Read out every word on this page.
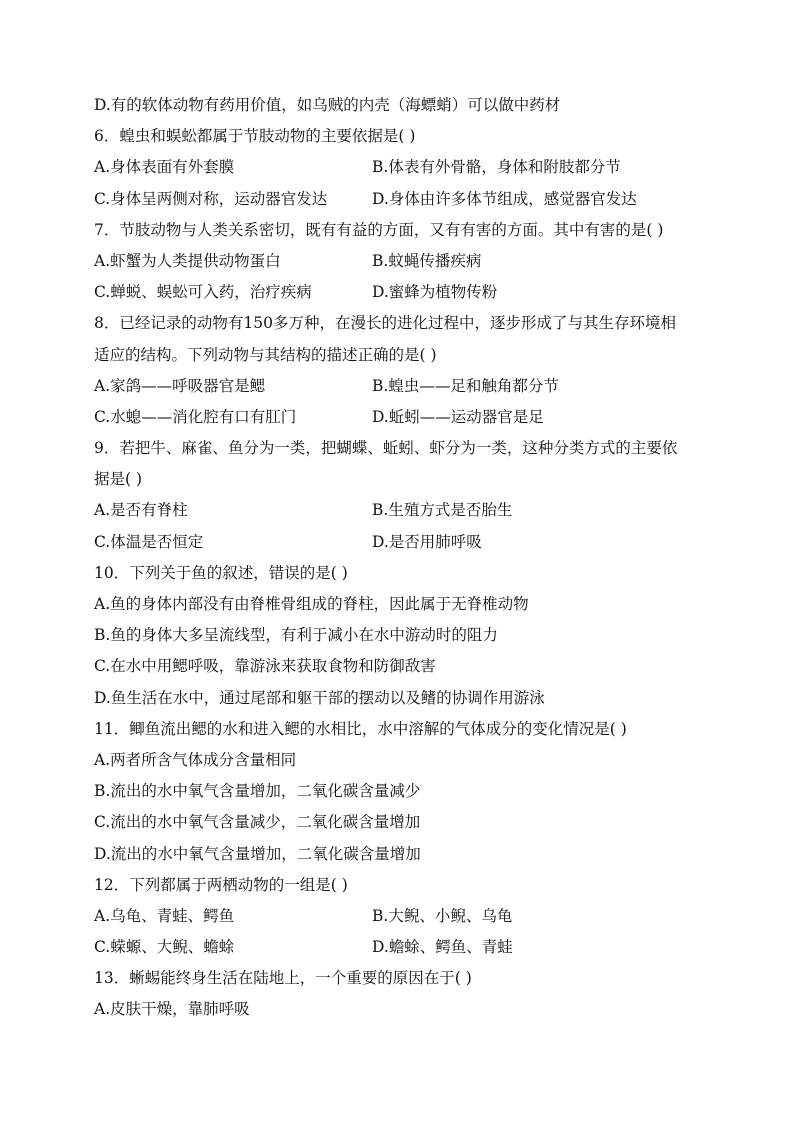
D.有的软体动物有药用价值，如乌贼的内壳（海螵蛸）可以做中药材
6．蝗虫和蜈蚣都属于节肢动物的主要依据是( )
A.身体表面有外套膜	B.体表有外骨骼，身体和附肢都分节
C.身体呈两侧对称，运动器官发达	D.身体由许多体节组成，感觉器官发达
7．节肢动物与人类关系密切，既有有益的方面，又有有害的方面。其中有害的是( )
A.虾蟹为人类提供动物蛋白	B.蚊蝇传播疾病
C.蝉蜕、蜈蚣可入药，治疗疾病	D.蜜蜂为植物传粉
8．已经记录的动物有150多万种，在漫长的进化过程中，逐步形成了与其生存环境相
适应的结构。下列动物与其结构的描述正确的是( )
A.家鸽——呼吸器官是鳃	B.蝗虫——足和触角都分节
C.水螅——消化腔有口有肛门	D.蚯蚓——运动器官是足
9．若把牛、麻雀、鱼分为一类，把蝴蝶、蚯蚓、虾分为一类，这种分类方式的主要依
据是( )
A.是否有脊柱	B.生殖方式是否胎生
C.体温是否恒定	D.是否用肺呼吸
10．下列关于鱼的叙述，错误的是( )
A.鱼的身体内部没有由脊椎骨组成的脊柱，因此属于无脊椎动物
B.鱼的身体大多呈流线型，有利于减小在水中游动时的阻力
C.在水中用鳃呼吸，靠游泳来获取食物和防御敌害
D.鱼生活在水中，通过尾部和躯干部的摆动以及鳍的协调作用游泳
11．鲫鱼流出鳃的水和进入鳃的水相比，水中溶解的气体成分的变化情况是( )
A.两者所含气体成分含量相同
B.流出的水中氧气含量增加，二氧化碳含量减少
C.流出的水中氧气含量减少，二氧化碳含量增加
D.流出的水中氧气含量增加，二氧化碳含量增加
12．下列都属于两栖动物的一组是( )
A.乌龟、青蛙、鳄鱼	B.大鲵、小鲵、乌龟
C.蝾螈、大鲵、蟾蜍	D.蟾蜍、鳄鱼、青蛙
13．蜥蜴能终身生活在陆地上，一个重要的原因在于( )
A.皮肤干燥，靠肺呼吸
